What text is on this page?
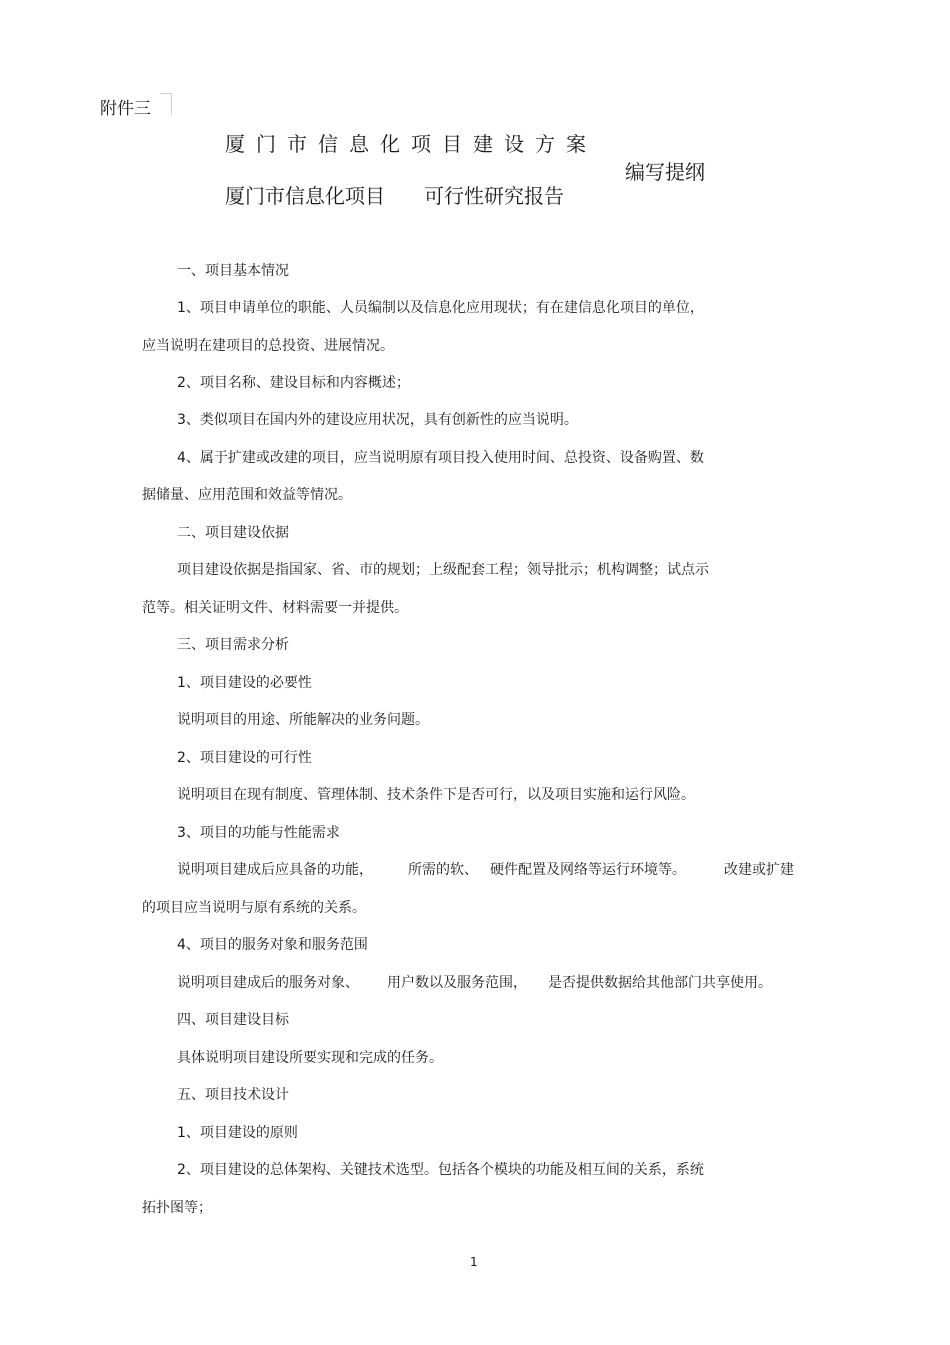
附件三
厦门市信息化项目建设方案
编写提纲
厦门市信息化项目 可行性研究报告
一、项目基本情况
1、项目申请单位的职能、人员编制以及信息化应用现状；有在建信息化项目的单位，
应当说明在建项目的总投资、进展情况。
2、项目名称、建设目标和内容概述；
3、类似项目在国内外的建设应用状况，具有创新性的应当说明。
4、属于扩建或改建的项目，应当说明原有项目投入使用时间、总投资、设备购置、数
据储量、应用范围和效益等情况。
二、项目建设依据
项目建设依据是指国家、省、市的规划；上级配套工程；领导批示；机构调整；试点示
范等。相关证明文件、材料需要一并提供。
三、项目需求分析
1、项目建设的必要性
说明项目的用途、所能解决的业务问题。
2、项目建设的可行性
说明项目在现有制度、管理体制、技术条件下是否可行，以及项目实施和运行风险。
3、项目的功能与性能需求
说明项目建成后应具备的功能，	所需的软、 硬件配置及网络等运行环境等。	改建或扩建
的项目应当说明与原有系统的关系。
4、项目的服务对象和服务范围
说明项目建成后的服务对象、 用户数以及服务范围， 是否提供数据给其他部门共享使用。
四、项目建设目标
具体说明项目建设所要实现和完成的任务。
五、项目技术设计
1、项目建设的原则
2、项目建设的总体架构、关键技术选型。包括各个模块的功能及相互间的关系，系统
拓扑图等；
1
